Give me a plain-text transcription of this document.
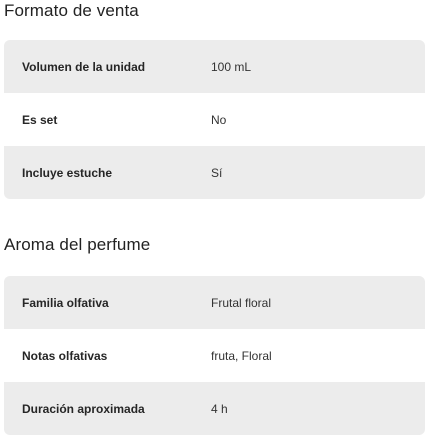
Formato de venta
Volumen de la unidad	100 mL
Es set	No
Incluye estuche	Sí
Aroma del perfume
Familia olfativa	Frutal floral
Notas olfativas	fruta, Floral
Duración aproximada	4 h
